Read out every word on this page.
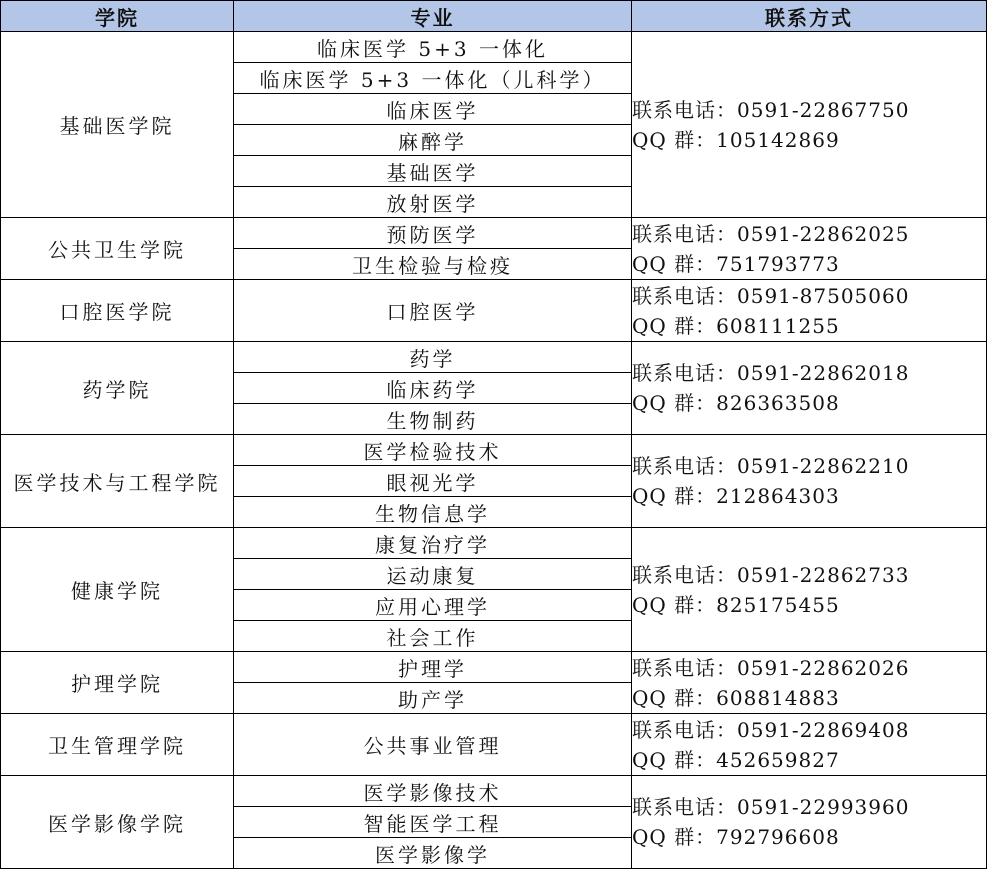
学院	专业	联系方式
基础医学院	临床医学 5+3 一体化	联系电话：0591-22867750
QQ 群：105142869

	临床医学 5+3 一体化（儿科学）	
	临床医学	
	麻醉学	
	基础医学	
	放射医学	
公共卫生学院	预防医学	联系电话：0591-22862025
QQ 群：751793773

	卫生检验与检疫	
口腔医学院	口腔医学	联系电话：0591-87505060
QQ 群：608111255

药学院	药学	联系电话：0591-22862018
QQ 群：826363508

	临床药学	
	生物制药	
医学技术与工程学院	医学检验技术	联系电话：0591-22862210
QQ 群：212864303

	眼视光学	
	生物信息学	
健康学院	康复治疗学	联系电话：0591-22862733
QQ 群：825175455

	运动康复	
	应用心理学	
	社会工作	
护理学院	护理学	联系电话：0591-22862026
QQ 群：608814883

	助产学	
卫生管理学院	公共事业管理	联系电话：0591-22869408
QQ 群：452659827

医学影像学院	医学影像技术	联系电话：0591-22993960
QQ 群：792796608

	智能医学工程	
	医学影像学	
